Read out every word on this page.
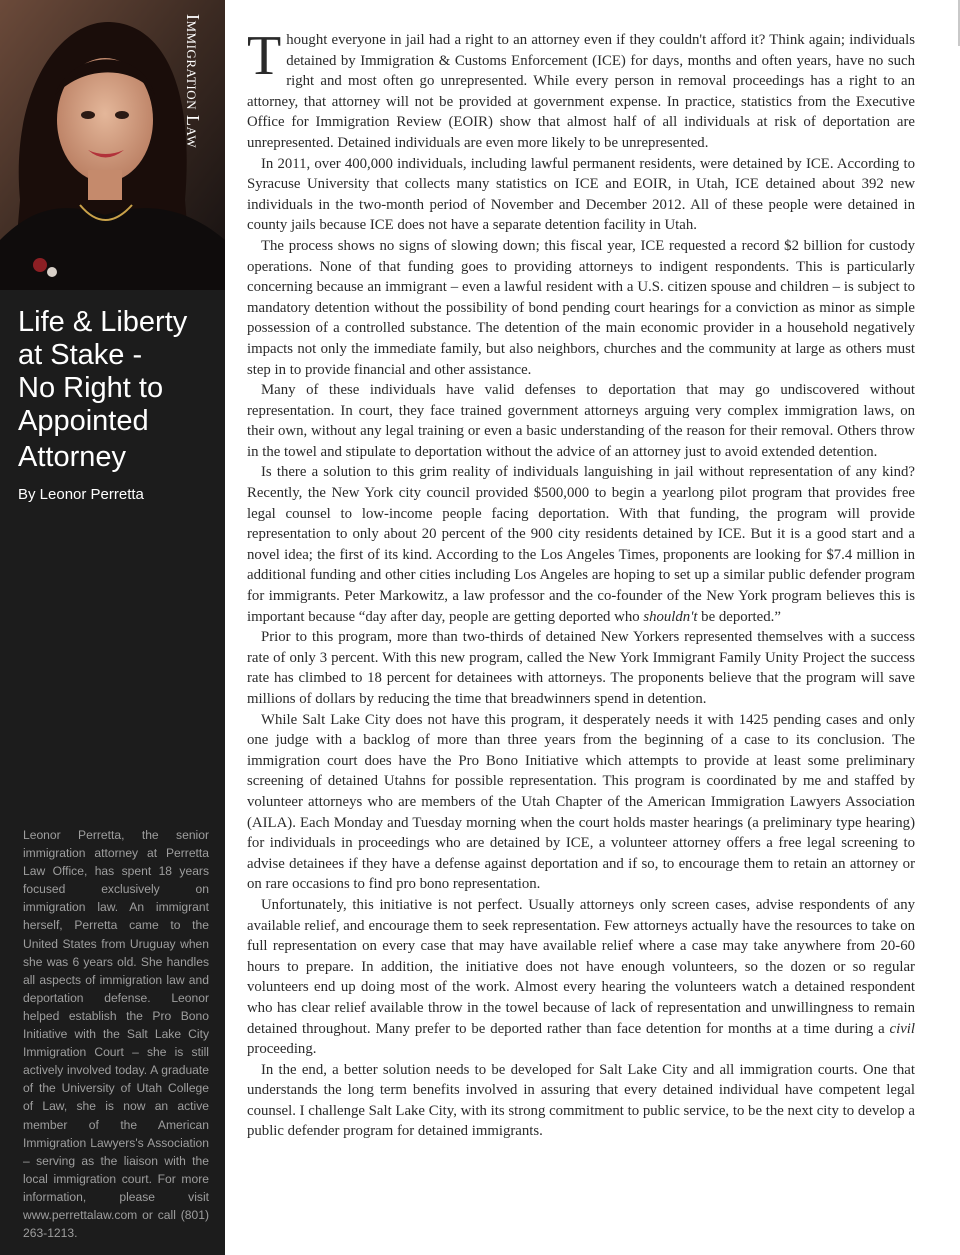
Immigration Law
Life & Liberty
at Stake -
No Right to
Appointed
Attorney
By Leonor Perretta

Leonor Perretta, the senior immigration attorney at Perretta Law Office, has spent 18 years focused exclusively on immigration law. An immigrant herself, Perretta came to the United States from Uruguay when she was 6 years old. She handles all aspects of immigration law and deportation defense. Leonor helped establish the Pro Bono Initiative with the Salt Lake City Immigration Court – she is still actively involved today. A graduate of the University of Utah College of Law, she is now an active member of the American Immigration Lawyers's Association – serving as the liaison with the local immigration court. For more information, please visit www.perrettalaw.com or call (801) 263-1213.

Thought everyone in jail had a right to an attorney even if they couldn't afford it? Think again; individuals detained by Immigration & Customs Enforcement (ICE) for days, months and often years, have no such right and most often go unrepresented. While every person in removal proceedings has a right to an attorney, that attorney will not be provided at government expense. In practice, statistics from the Executive Office for Immigration Review (EOIR) show that almost half of all individuals at risk of deportation are unrepresented. Detained individuals are even more likely to be unrepresented.

In 2011, over 400,000 individuals, including lawful permanent residents, were detained by ICE. According to Syracuse University that collects many statistics on ICE and EOIR, in Utah, ICE detained about 392 new individuals in the two-month period of November and December 2012. All of these people were detained in county jails because ICE does not have a separate detention facility in Utah.

The process shows no signs of slowing down; this fiscal year, ICE requested a record $2 billion for custody operations. None of that funding goes to providing attorneys to indigent respondents. This is particularly concerning because an immigrant – even a lawful resident with a U.S. citizen spouse and children – is subject to mandatory detention without the possibility of bond pending court hearings for a conviction as minor as simple possession of a controlled substance. The detention of the main economic provider in a household negatively impacts not only the immediate family, but also neighbors, churches and the community at large as others must step in to provide financial and other assistance.

Many of these individuals have valid defenses to deportation that may go undiscovered without representation. In court, they face trained government attorneys arguing very complex immigration laws, on their own, without any legal training or even a basic understanding of the reason for their removal. Others throw in the towel and stipulate to deportation without the advice of an attorney just to avoid extended detention.

Is there a solution to this grim reality of individuals languishing in jail without representation of any kind? Recently, the New York city council provided $500,000 to begin a yearlong pilot program that provides free legal counsel to low-income people facing deportation. With that funding, the program will provide representation to only about 20 percent of the 900 city residents detained by ICE. But it is a good start and a novel idea; the first of its kind. According to the Los Angeles Times, proponents are looking for $7.4 million in additional funding and other cities including Los Angeles are hoping to set up a similar public defender program for immigrants. Peter Markowitz, a law professor and the co-founder of the New York program believes this is important because “day after day, people are getting deported who shouldn't be deported.”

Prior to this program, more than two-thirds of detained New Yorkers represented themselves with a success rate of only 3 percent. With this new program, called the New York Immigrant Family Unity Project the success rate has climbed to 18 percent for detainees with attorneys. The proponents believe that the program will save millions of dollars by reducing the time that breadwinners spend in detention.

While Salt Lake City does not have this program, it desperately needs it with 1425 pending cases and only one judge with a backlog of more than three years from the beginning of a case to its conclusion. The immigration court does have the Pro Bono Initiative which attempts to provide at least some preliminary screening of detained Utahns for possible representation. This program is coordinated by me and staffed by volunteer attorneys who are members of the Utah Chapter of the American Immigration Lawyers Association (AILA). Each Monday and Tuesday morning when the court holds master hearings (a preliminary type hearing) for individuals in proceedings who are detained by ICE, a volunteer attorney offers a free legal screening to advise detainees if they have a defense against deportation and if so, to encourage them to retain an attorney or on rare occasions to find pro bono representation.

Unfortunately, this initiative is not perfect. Usually attorneys only screen cases, advise respondents of any available relief, and encourage them to seek representation. Few attorneys actually have the resources to take on full representation on every case that may have available relief where a case may take anywhere from 20-60 hours to prepare. In addition, the initiative does not have enough volunteers, so the dozen or so regular volunteers end up doing most of the work. Almost every hearing the volunteers watch a detained respondent who has clear relief available throw in the towel because of lack of representation and unwillingness to remain detained throughout. Many prefer to be deported rather than face detention for months at a time during a civil proceeding.

In the end, a better solution needs to be developed for Salt Lake City and all immigration courts. One that understands the long term benefits involved in assuring that every detained individual have competent legal counsel. I challenge Salt Lake City, with its strong commitment to public service, to be the next city to develop a public defender program for detained immigrants.
